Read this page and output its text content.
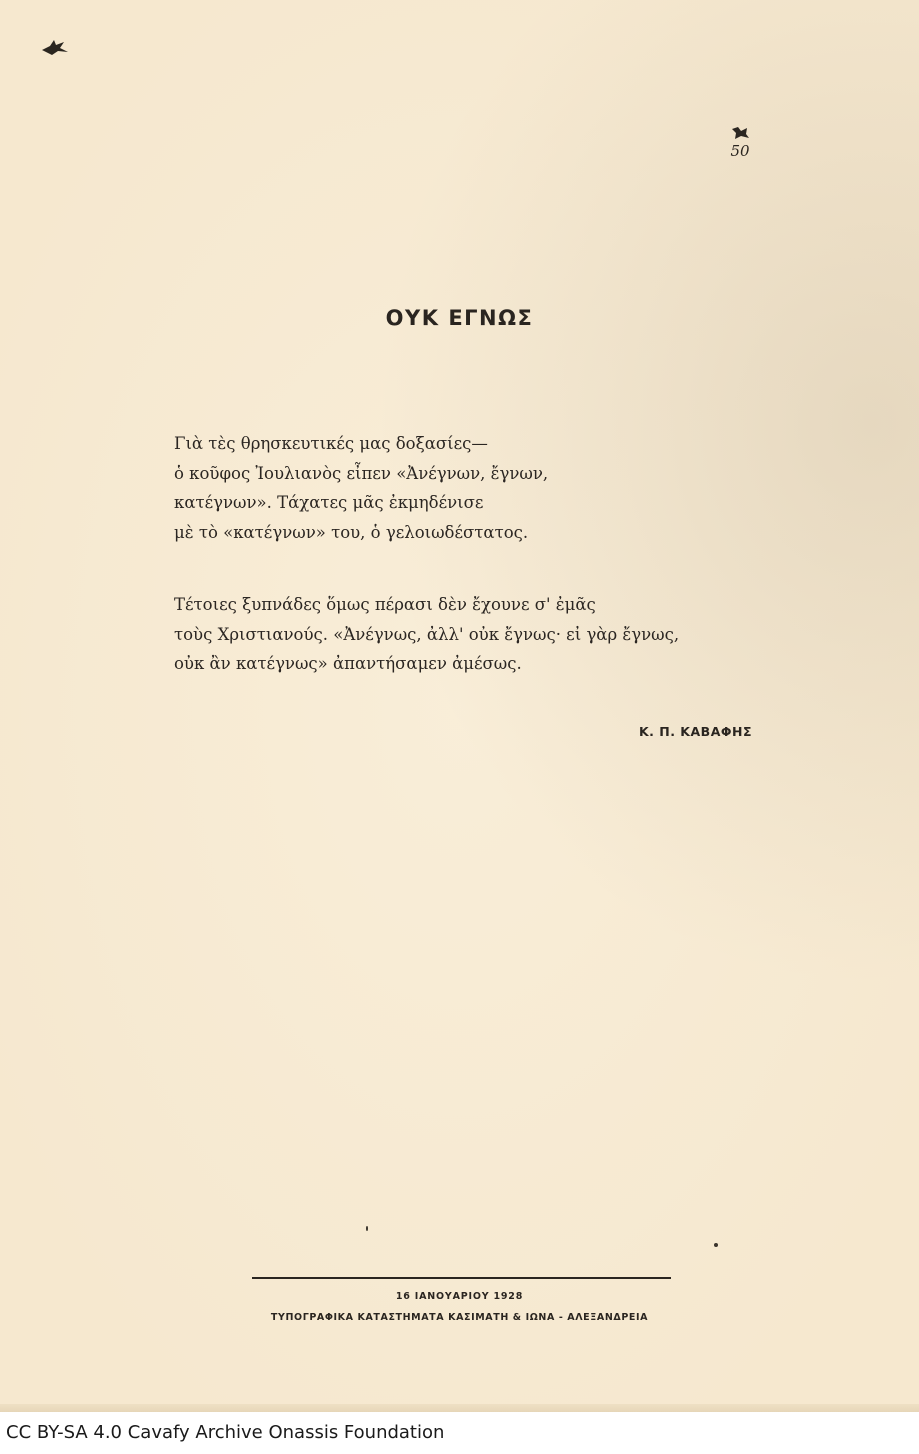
50
ΟΥΚ ΕΓΝΩΣ
Γιὰ τὲς θρησκευτικές μας δοξασίες—
ὁ κοῦφος Ἰουλιανὸς εἶπεν «Ἀνέγνων, ἔγνων,
κατέγνων». Τάχατες μᾶς ἐκμηδένισε
μὲ τὸ «κατέγνων» του, ὁ γελοιωδέστατος.
Τέτοιες ξυπνάδες ὅμως πέρασι δὲν ἔχουνε σ' ἐμᾶς
τοὺς Χριστιανούς. «Ἀνέγνως, ἀλλ' οὐκ ἔγνως· εἰ γὰρ ἔγνως,
οὐκ ἂν κατέγνως» ἀπαντήσαμεν ἀμέσως.
Κ. Π. ΚΑΒΑΦΗΣ
16 ΙΑΝΟΥΑΡΙΟΥ 1928
ΤΥΠΟΓΡΑΦΙΚΑ ΚΑΤΑΣΤΗΜΑΤΑ ΚΑΣΙΜΑΤΗ & ΙΩΝΑ - ΑΛΕΞΑΝΔΡΕΙΑ
CC BY-SA 4.0 Cavafy Archive Onassis Foundation
